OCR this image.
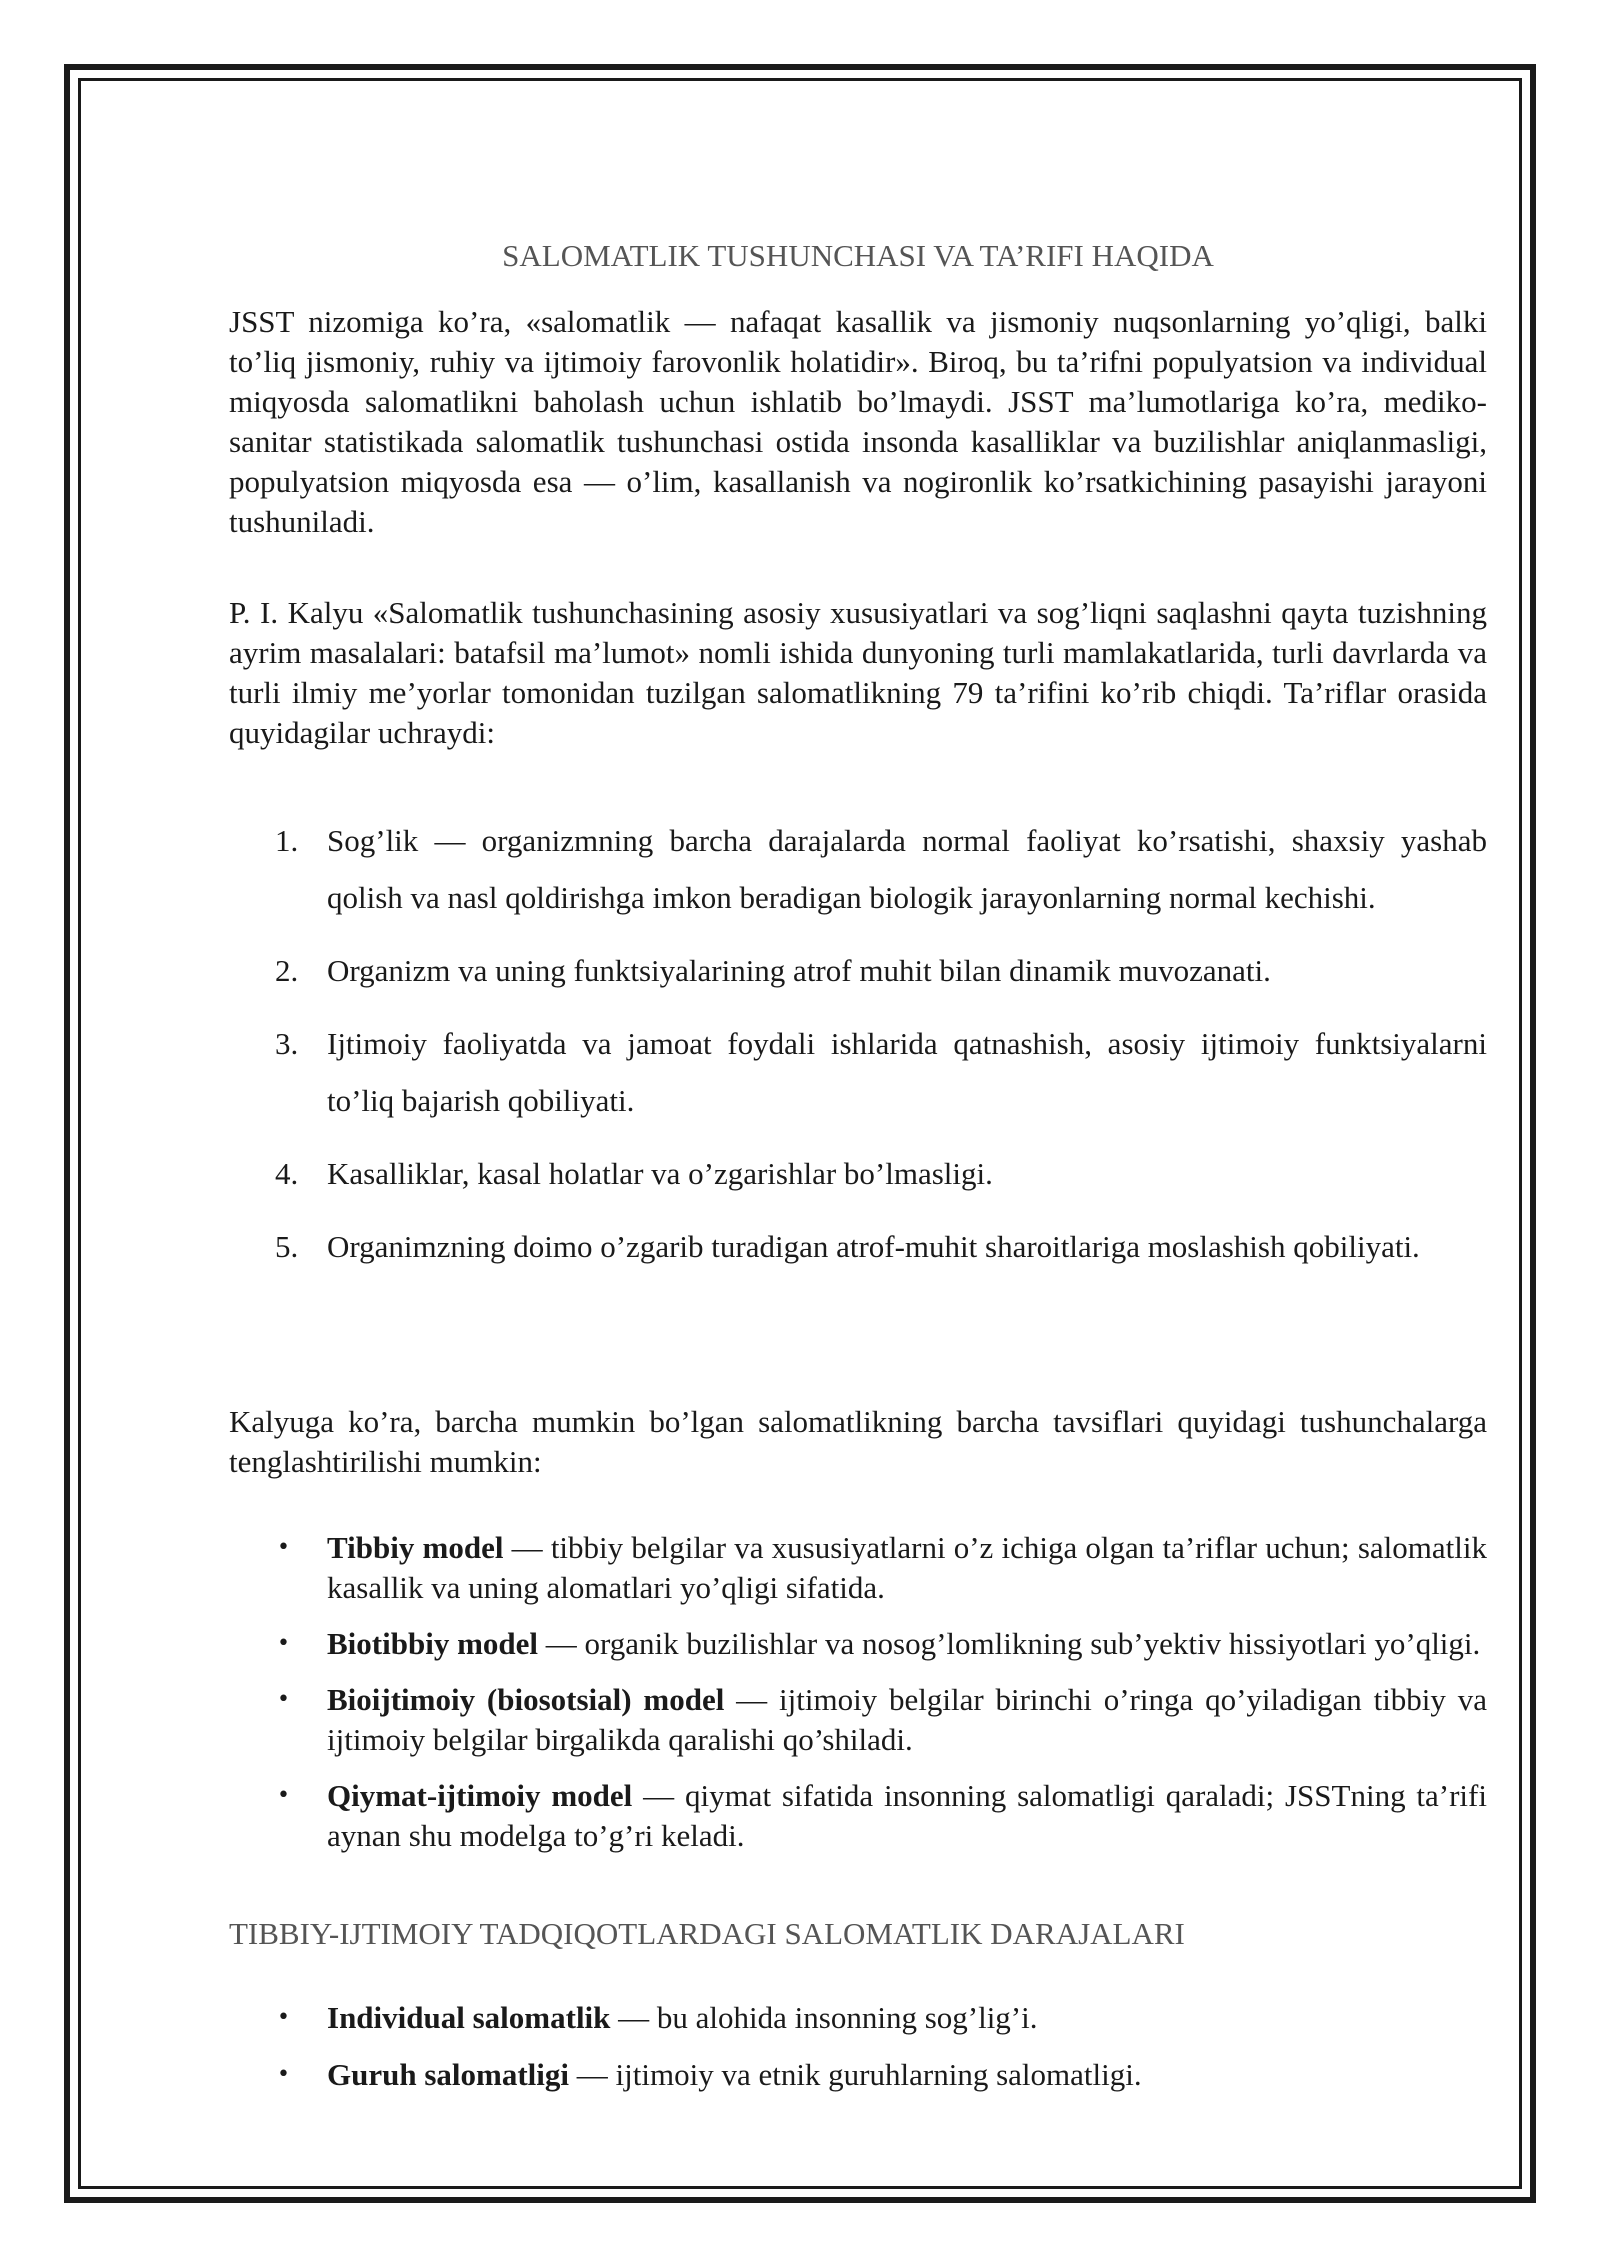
SALOMATLIK TUSHUNCHASI VA TA’RIFI HAQIDA

JSST nizomiga ko’ra, «salomatlik — nafaqat kasallik va jismoniy nuqsonlarning yo’qligi, balki to’liq jismoniy, ruhiy va ijtimoiy farovonlik holatidir». Biroq, bu ta’rifni populyatsion va individual miqyosda salomatlikni baholash uchun ishlatib bo’lmaydi. JSST ma’lumotlariga ko’ra, mediko-sanitar statistikada salomatlik tushunchasi ostida insonda kasalliklar va buzilishlar aniqlanmasligi, populyatsion miqyosda esa — o’lim, kasallanish va nogironlik ko’rsatkichining pasayishi jarayoni tushuniladi.

P. I. Kalyu «Salomatlik tushunchasining asosiy xususiyatlari va sog’liqni saqlashni qayta tuzishning ayrim masalalari: batafsil ma’lumot» nomli ishida dunyoning turli mamlakatlarida, turli davrlarda va turli ilmiy me’yorlar tomonidan tuzilgan salomatlikning 79 ta’rifini ko’rib chiqdi. Ta’riflar orasida quyidagilar uchraydi:

1. Sog’lik — organizmning barcha darajalarda normal faoliyat ko’rsatishi, shaxsiy yashab qolish va nasl qoldirishga imkon beradigan biologik jarayonlarning normal kechishi.
2. Organizm va uning funktsiyalarining atrof muhit bilan dinamik muvozanati.
3. Ijtimoiy faoliyatda va jamoat foydali ishlarida qatnashish, asosiy ijtimoiy funktsiyalarni to’liq bajarish qobiliyati.
4. Kasalliklar, kasal holatlar va o’zgarishlar bo’lmasligi.
5. Organimzning doimo o’zgarib turadigan atrof-muhit sharoitlariga moslashish qobiliyati.

Kalyuga ko’ra, barcha mumkin bo’lgan salomatlikning barcha tavsiflari quyidagi tushunchalarga tenglashtirilishi mumkin:

• Tibbiy model — tibbiy belgilar va xususiyatlarni o’z ichiga olgan ta’riflar uchun; salomatlik kasallik va uning alomatlari yo’qligi sifatida.
• Biotibbiy model — organik buzilishlar va nosog’lomlikning sub’yektiv hissiyotlari yo’qligi.
• Bioijtimoiy (biosotsial) model — ijtimoiy belgilar birinchi o’ringa qo’yiladigan tibbiy va ijtimoiy belgilar birgalikda qaralishi qo’shiladi.
• Qiymat-ijtimoiy model — qiymat sifatida insonning salomatligi qaraladi; JSSTning ta’rifi aynan shu modelga to’g’ri keladi.
TIBBIY-IJTIMOIY TADQIQOTLARDAGI SALOMATLIK DARAJALARI
• Individual salomatlik — bu alohida insonning sog’lig’i.
• Guruh salomatligi — ijtimoiy va etnik guruhlarning salomatligi.
